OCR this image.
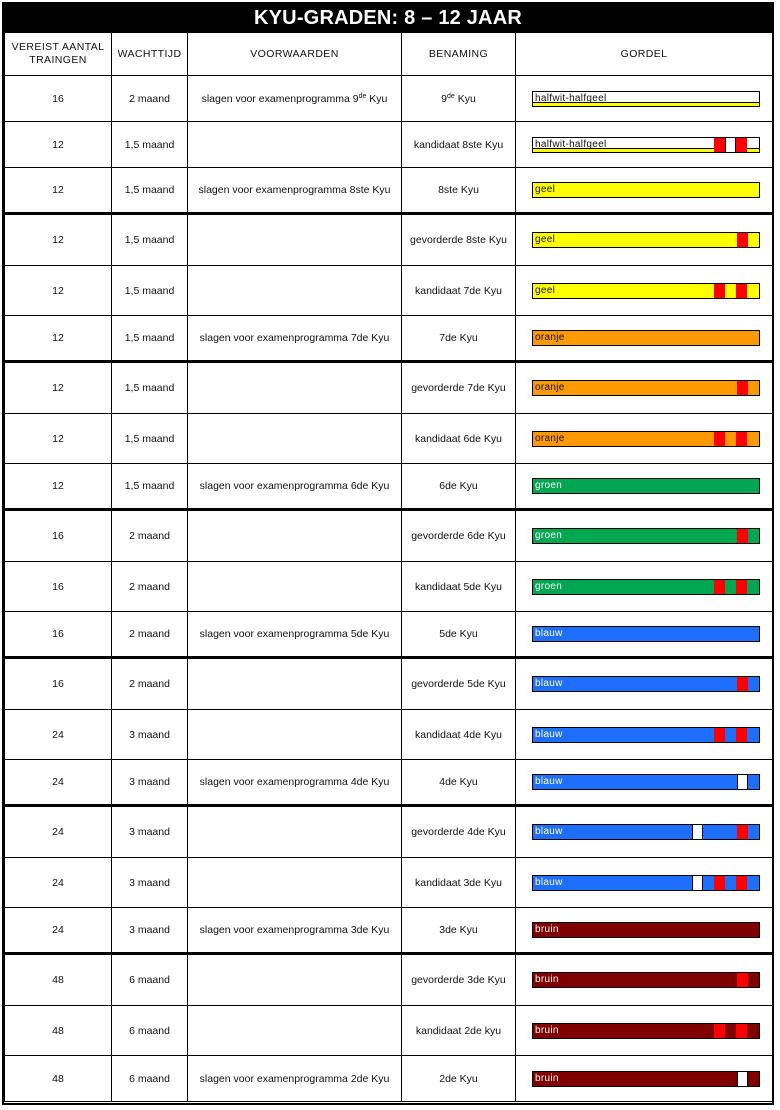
KYU-GRADEN: 8 – 12 JAAR
VEREIST AANTAL TRAINGEN	WACHTTIJD	VOORWAARDEN	BENAMING	GORDEL
16	2 maand	slagen voor examenprogramma 9de Kyu	9de Kyu	halfwit-halfgeel

12	1,5 maand		kandidaat 8ste Kyu	halfwit-halfgeel

12	1,5 maand	slagen voor examenprogramma 8ste Kyu	8ste Kyu	geel

12	1,5 maand		gevorderde 8ste Kyu	geel

12	1,5 maand		kandidaat 7de Kyu	geel

12	1,5 maand	slagen voor examenprogramma 7de Kyu	7de Kyu	oranje

12	1,5 maand		gevorderde 7de Kyu	oranje

12	1,5 maand		kandidaat 6de Kyu	oranje

12	1,5 maand	slagen voor examenprogramma 6de Kyu	6de Kyu	groen

16	2 maand		gevorderde 6de Kyu	groen

16	2 maand		kandidaat 5de Kyu	groen

16	2 maand	slagen voor examenprogramma 5de Kyu	5de Kyu	blauw

16	2 maand		gevorderde 5de Kyu	blauw

24	3 maand		kandidaat 4de Kyu	blauw

24	3 maand	slagen voor examenprogramma 4de Kyu	4de Kyu	blauw

24	3 maand		gevorderde 4de Kyu	blauw

24	3 maand		kandidaat 3de Kyu	blauw

24	3 maand	slagen voor examenprogramma 3de Kyu	3de Kyu	bruin

48	6 maand		gevorderde 3de Kyu	bruin

48	6 maand		kandidaat 2de kyu	bruin

48	6 maand	slagen voor examenprogramma 2de Kyu	2de Kyu	bruin
